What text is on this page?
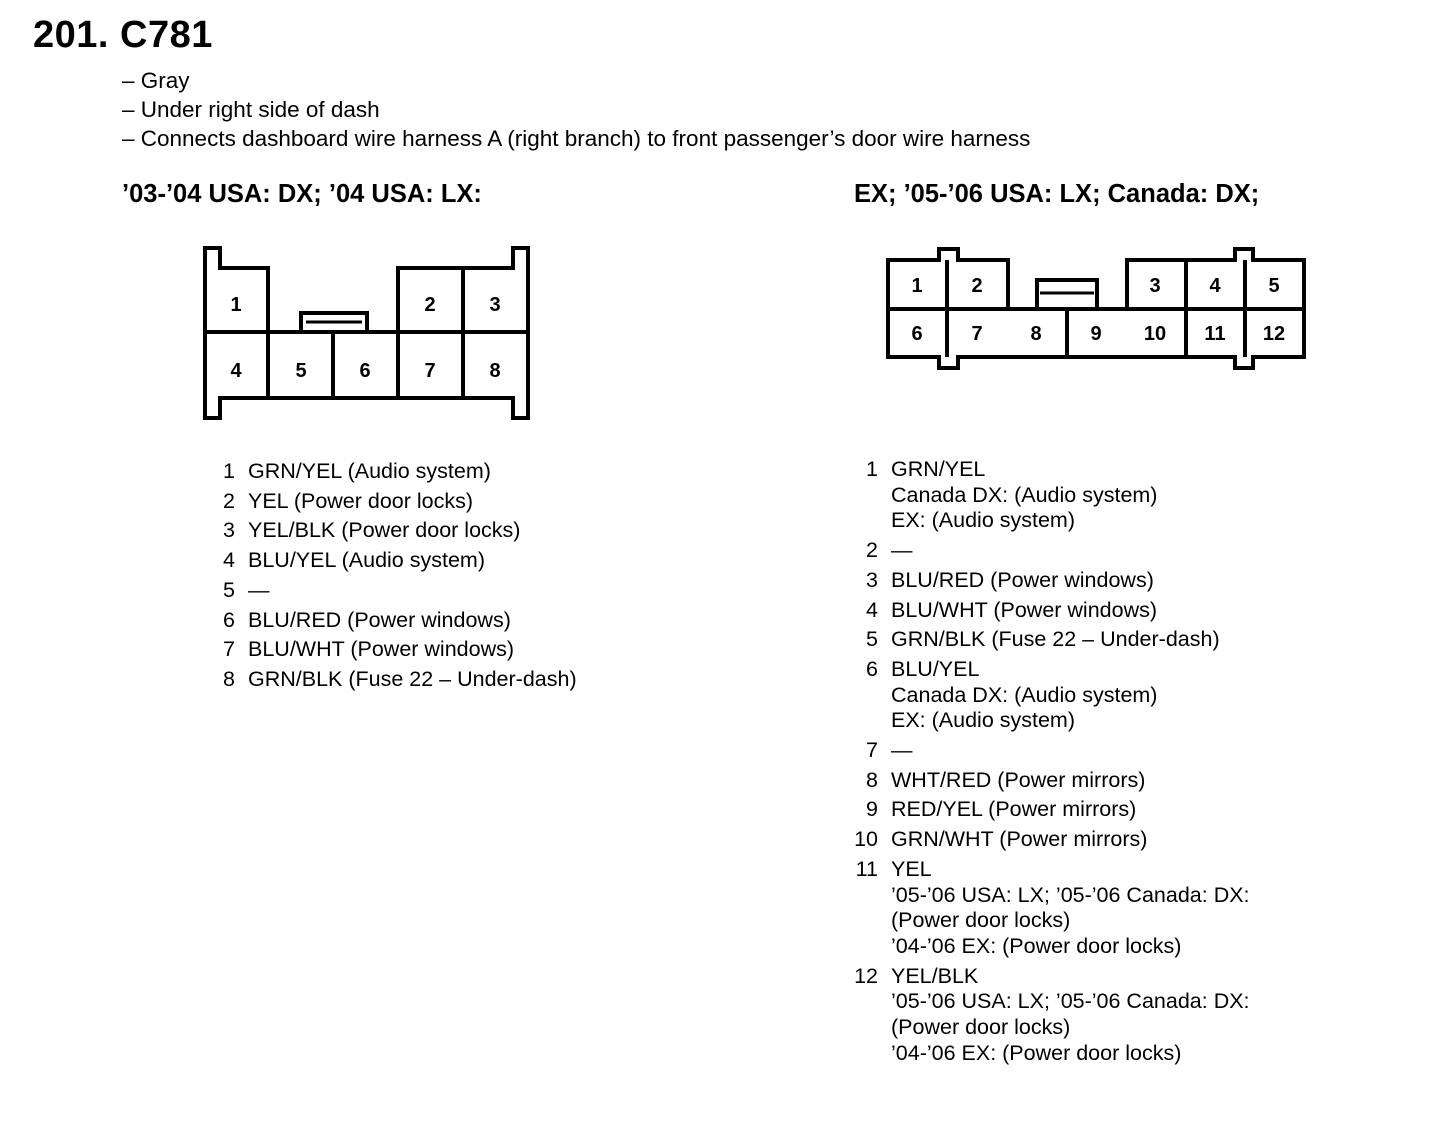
201. C781
– Gray
– Under right side of dash
– Connects dashboard wire harness A (right branch) to front passenger’s door wire harness
’03-’04 USA: DX; ’04 USA: LX:	EX; ’05-’06 USA: LX; Canada: DX;
1	2	3
4	5	6	7	8
1 2	3 4 5
6 7 8 9 10 11 12
1 GRN/YEL (Audio system)
2 YEL (Power door locks)
3 YEL/BLK (Power door locks)
4 BLU/YEL (Audio system)
5 —
6 BLU/RED (Power windows)
7 BLU/WHT (Power windows)
8 GRN/BLK (Fuse 22 – Under-dash)
1 GRN/YEL
Canada DX: (Audio system)
EX: (Audio system)
2 —
3 BLU/RED (Power windows)
4 BLU/WHT (Power windows)
5 GRN/BLK (Fuse 22 – Under-dash)
6 BLU/YEL
Canada DX: (Audio system)
EX: (Audio system)
7 —
8 WHT/RED (Power mirrors)
9 RED/YEL (Power mirrors)
10 GRN/WHT (Power mirrors)
11 YEL
’05-’06 USA: LX; ’05-’06 Canada: DX:
(Power door locks)
’04-’06 EX: (Power door locks)
12 YEL/BLK
’05-’06 USA: LX; ’05-’06 Canada: DX:
(Power door locks)
’04-’06 EX: (Power door locks)
